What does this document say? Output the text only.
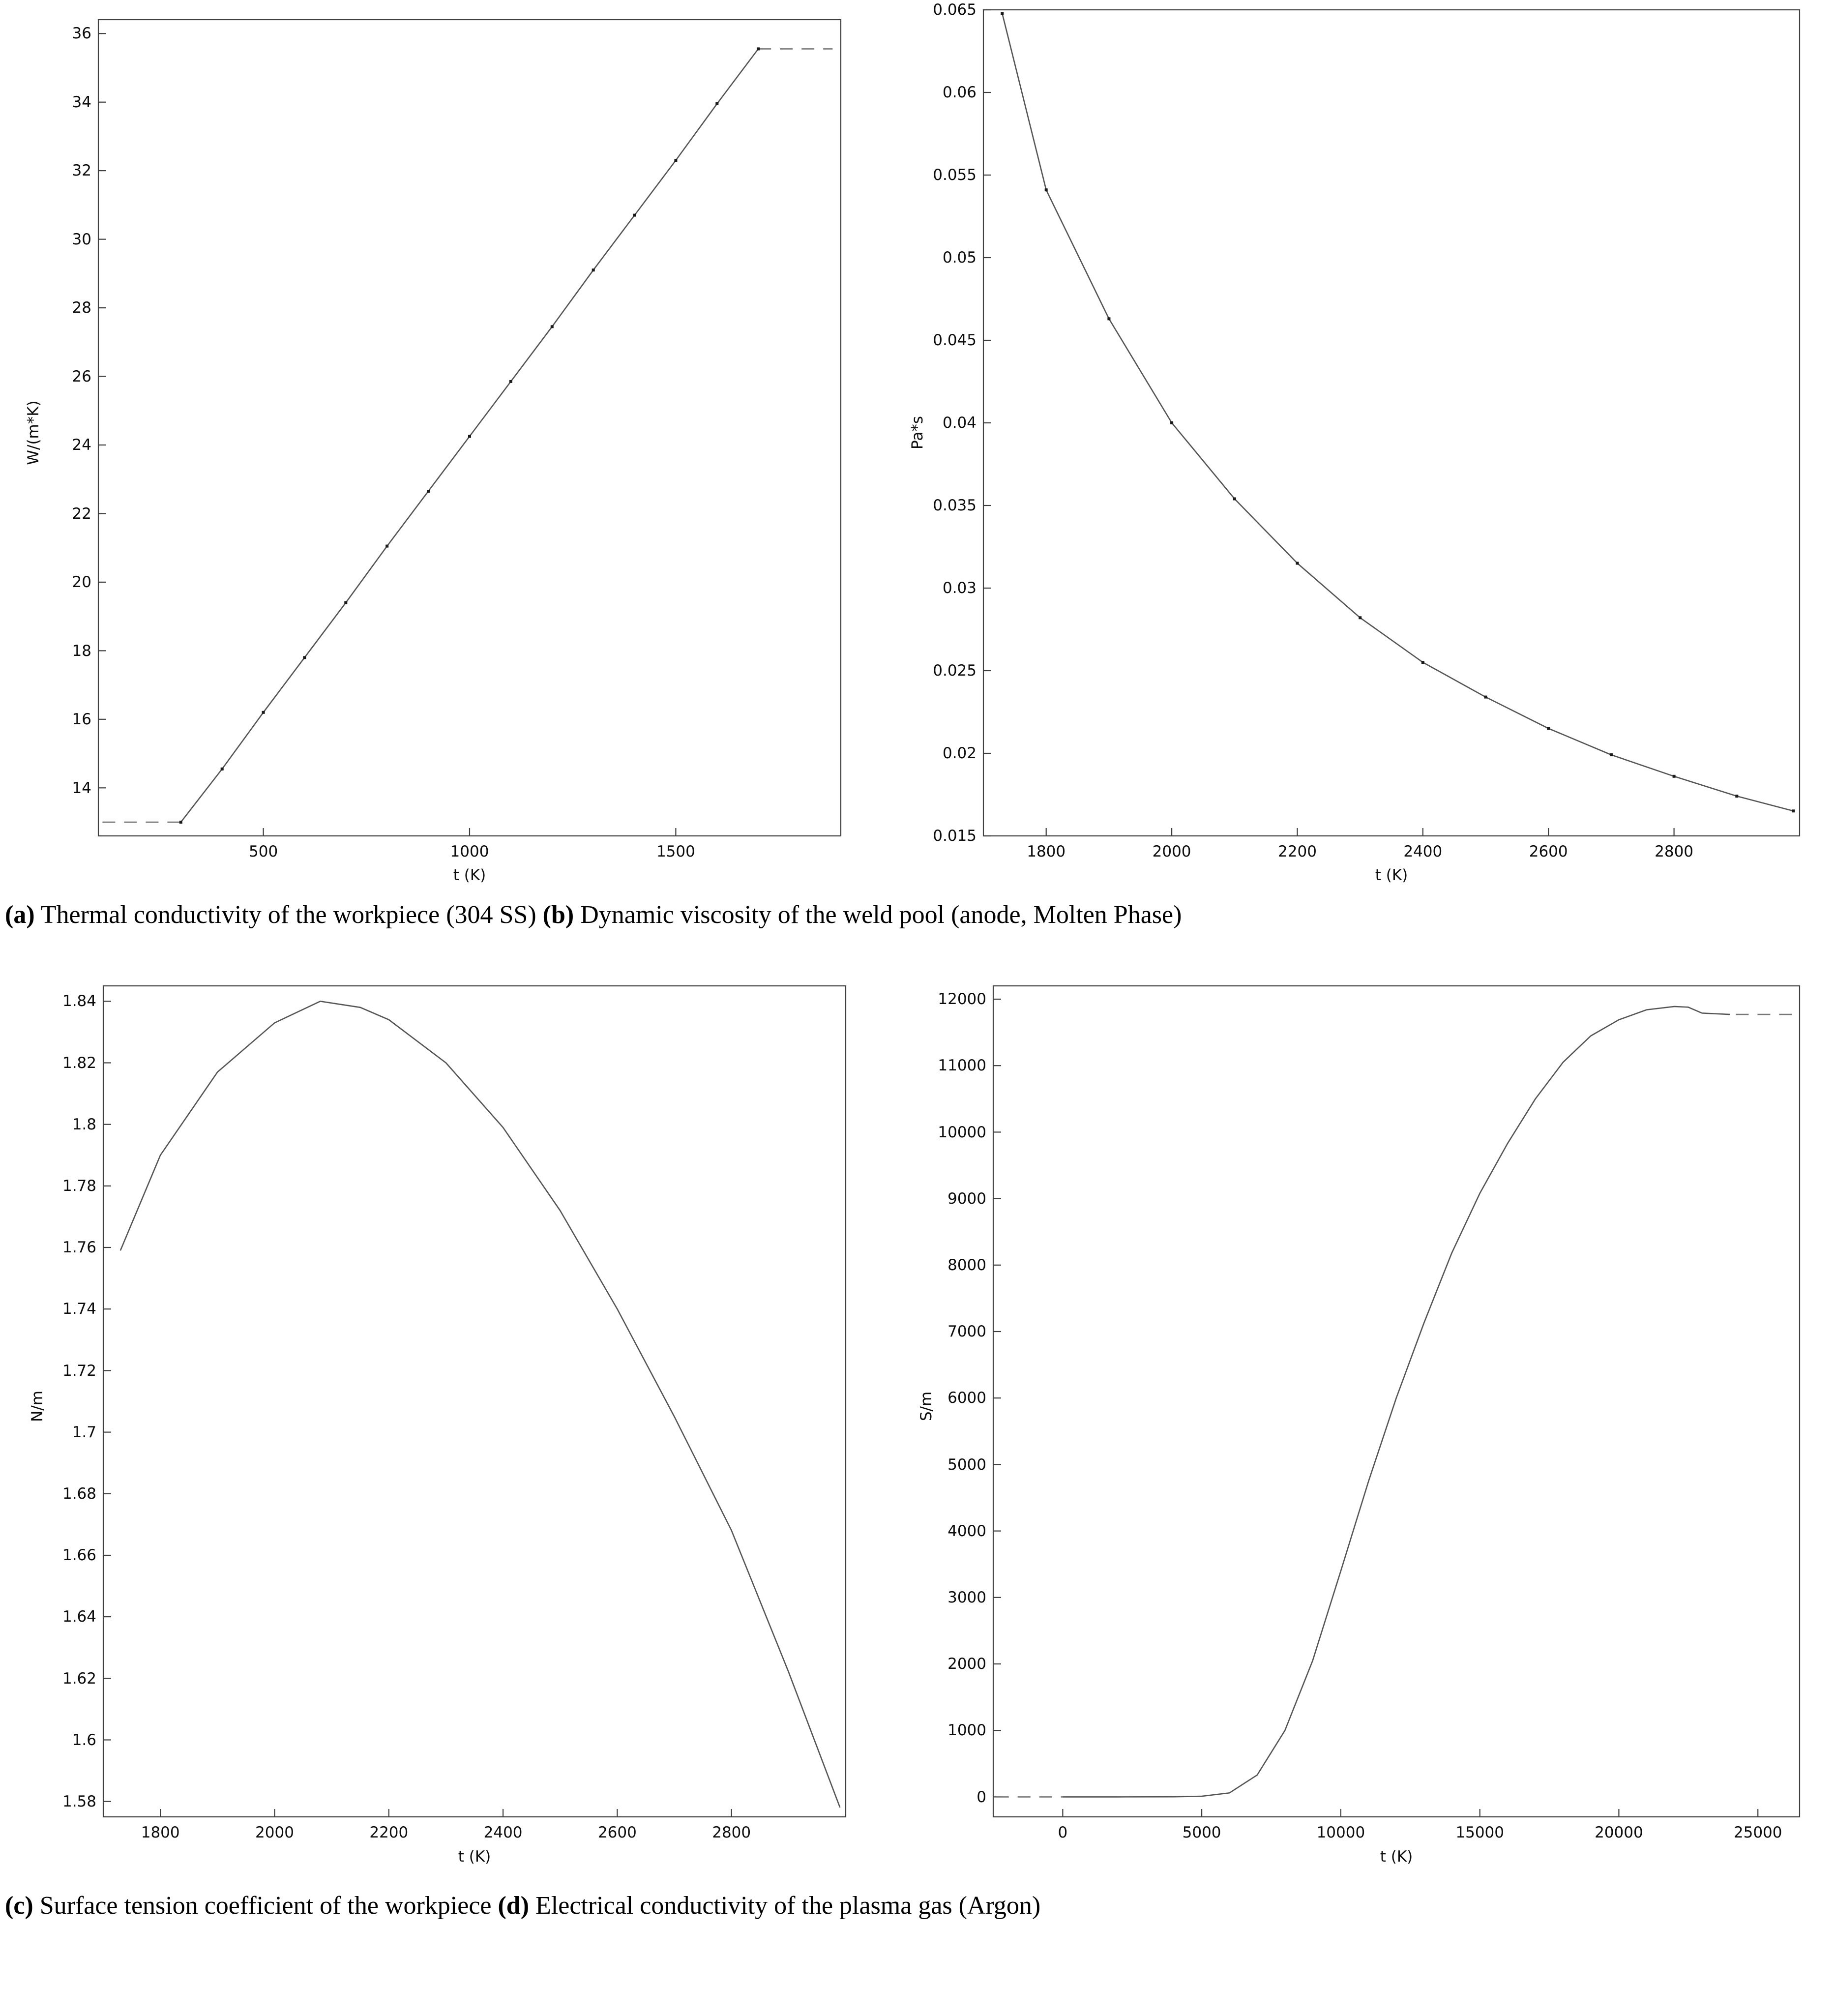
14
16
18
20
22
24
26
28
30
32
34
36
500	1000	1500
t (K)
W/(m*K)
0.015
0.02
0.025
0.03
0.035
0.04
0.045
0.05
0.055
0.06
0.065
1800	2000	2200	2400	2600	2800
t (K)
Pa*s
1.58
1.6
1.62
1.64
1.66
1.68
1.7
1.72
1.74
1.76
1.78
1.8
1.82
1.84
1800	2000	2200	2400	2600	2800
t (K)
N/m
0
1000
2000
3000
4000
5000
6000
7000
8000
9000
10000
11000
12000
0	5000	10000	15000	20000	25000
t (K)
S/m
(a) Thermal conductivity of the workpiece (304 SS) (b) Dynamic viscosity of the weld pool (anode, Molten Phase)
(c) Surface tension coefficient of the workpiece (d) Electrical conductivity of the plasma gas (Argon)
